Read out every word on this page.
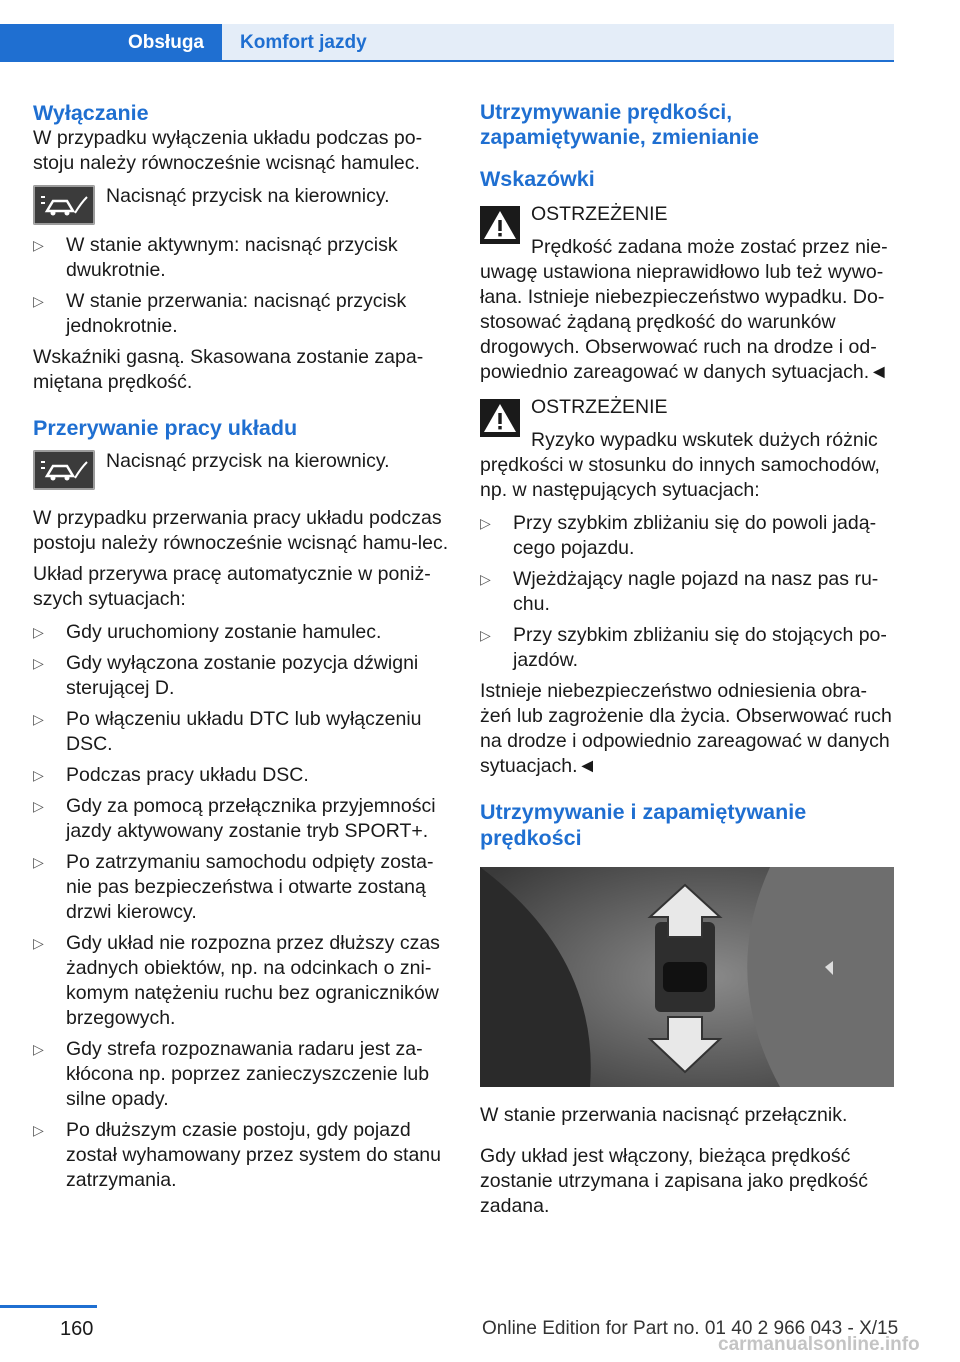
Obsługa	Komfort jazdy
Wyłączanie

W przypadku wyłączenia układu podczas po-stoju należy równocześnie wcisnąć hamulec.

Nacisnąć przycisk na kierownicy.

▷ W stanie aktywnym: nacisnąć przycisk dwukrotnie.
▷ W stanie przerwania: nacisnąć przycisk jednokrotnie.

Wskaźniki gasną. Skasowana zostanie zapa-miętana prędkość.

Przerywanie pracy układu

Nacisnąć przycisk na kierownicy.

W przypadku przerwania pracy układu podczas postoju należy równocześnie wcisnąć hamu-lec.

Układ przerywa pracę automatycznie w poniż-szych sytuacjach:

▷ Gdy uruchomiony zostanie hamulec.
▷ Gdy wyłączona zostanie pozycja dźwigni sterującej D.
▷ Po włączeniu układu DTC lub wyłączeniu DSC.
▷ Podczas pracy układu DSC.
▷ Gdy za pomocą przełącznika przyjemności jazdy aktywowany zostanie tryb SPORT+.
▷ Po zatrzymaniu samochodu odpięty zosta-nie pas bezpieczeństwa i otwarte zostaną drzwi kierowcy.
▷ Gdy układ nie rozpozna przez dłuższy czas żadnych obiektów, np. na odcinkach o zni-komym natężeniu ruchu bez ograniczników brzegowych.
▷ Gdy strefa rozpoznawania radaru jest za-kłócona np. poprzez zanieczyszczenie lub silne opady.
▷ Po dłuższym czasie postoju, gdy pojazd został wyhamowany przez system do stanu zatrzymania.
Utrzymywanie prędkości, zapamiętywanie, zmienianie
Wskazówki

OSTRZEŻENIE

Prędkość zadana może zostać przez nie-

uwagę ustawiona nieprawidłowo lub też wywo-łana. Istnieje niebezpieczeństwo wypadku. Do-stosować żądaną prędkość do warunków drogowych. Obserwować ruch na drodze i od-powiednio zareagować w danych sytuacjach.◄

OSTRZEŻENIE

Ryzyko wypadku wskutek dużych różnic

prędkości w stosunku do innych samochodów, np. w następujących sytuacjach:

▷ Przy szybkim zbliżaniu się do powoli jadą-cego pojazdu.
▷ Wjeżdżający nagle pojazd na nasz pas ru-chu.
▷ Przy szybkim zbliżaniu się do stojących po-jazdów.

Istnieje niebezpieczeństwo odniesienia obra-żeń lub zagrożenie dla życia. Obserwować ruch na drodze i odpowiednio zareagować w danych sytuacjach.◄

Utrzymywanie i zapamiętywanie prędkości

W stanie przerwania nacisnąć przełącznik.

Gdy układ jest włączony, bieżąca prędkość zostanie utrzymana i zapisana jako prędkość zadana.

160	Online Edition for Part no. 01 40 2 966 043 - X/15
carmanualsonline.info
